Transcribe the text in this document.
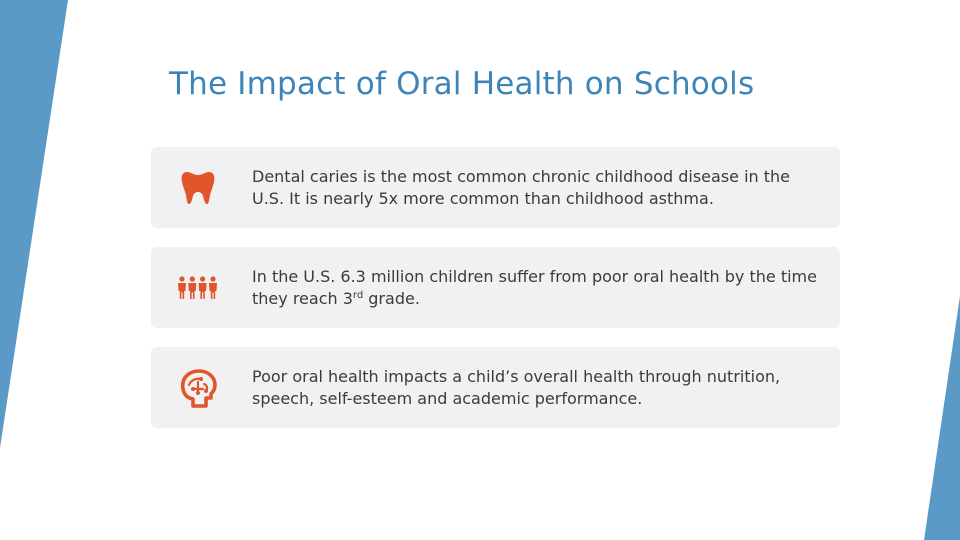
The Impact of Oral Health on Schools

Dental caries is the most common chronic childhood disease in the U.S. It is nearly 5x more common than childhood asthma.

In the U.S. 6.3 million children suffer from poor oral health by the time they reach 3rd grade.

Poor oral health impacts a child’s overall health through nutrition, speech, self-esteem and academic performance.
